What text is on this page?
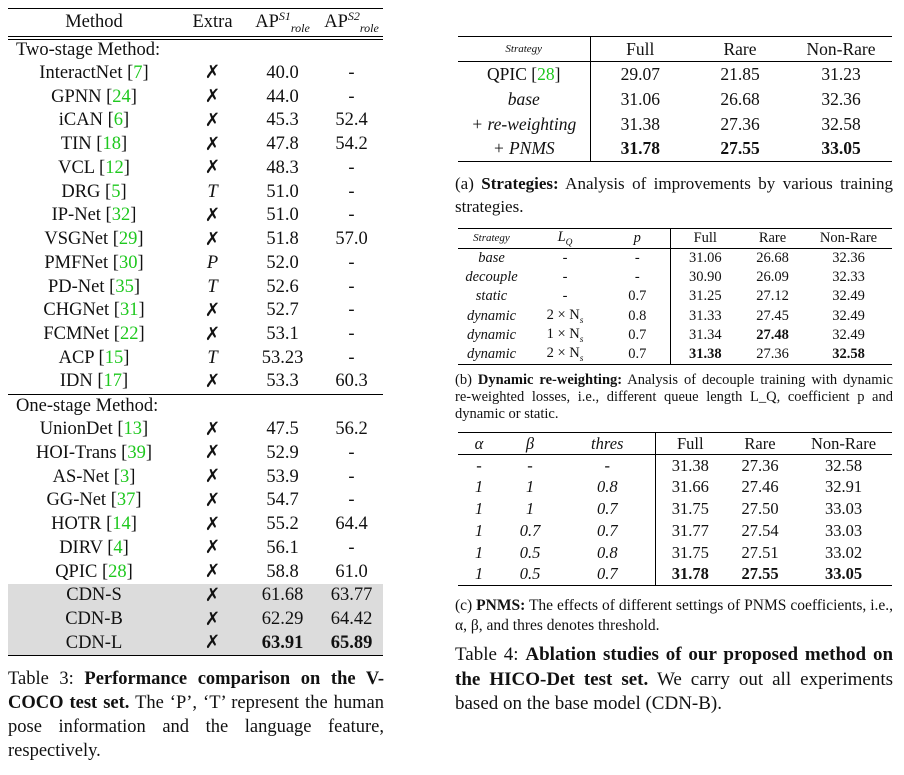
Method	Extra	$AP^{S1}_{role}$	$AP^{S2}_{role}$
Two-stage Method:			
InteractNet [7]	✗	40.0	-
GPNN [24]	✗	44.0	-
iCAN [6]	✗	45.3	52.4
TIN [18]	✗	47.8	54.2
VCL [12]	✗	48.3	-
DRG [5]	T	51.0	-
IP-Net [32]	✗	51.0	-
VSGNet [29]	✗	51.8	57.0
PMFNet [30]	P	52.0	-
PD-Net [35]	T	52.6	-
CHGNet [31]	✗	52.7	-
FCMNet [22]	✗	53.1	-
ACP [15]	T	53.23	-
IDN [17]	✗	53.3	60.3
One-stage Method:			
UnionDet [13]	✗	47.5	56.2
HOI-Trans [39]	✗	52.9	-
AS-Net [3]	✗	53.9	-
GG-Net [37]	✗	54.7	-
HOTR [14]	✗	55.2	64.4
DIRV [4]	✗	56.1	-
QPIC [28]	✗	58.8	61.0
CDN-S	✗	61.68	63.77
CDN-B	✗	62.29	64.42
CDN-L	✗	63.91	65.89
Table 3: Performance comparison on the V-COCO test set. The ‘P’, ‘T’ represent the human pose information and the language feature, respectively.
Strategy	Full	Rare	Non-Rare
QPIC [28]	29.07	21.85	31.23
base	31.06	26.68	32.36
+ re-weighting	31.38	27.36	32.58
+ PNMS	31.78	27.55	33.05
(a) Strategies: Analysis of improvements by various training strategies.
Strategy	$L_Q$	p	Full	Rare	Non-Rare
base	-	-	31.06	26.68	32.36
decouple	-	-	30.90	26.09	32.33
static	-	0.7	31.25	27.12	32.49
dynamic	$2 \times N_s$	0.8	31.33	27.45	32.49
dynamic	$1 \times N_s$	0.7	31.34	27.48	32.49
dynamic	$2 \times N_s$	0.7	31.38	27.36	32.58
(b) Dynamic re-weighting: Analysis of decouple training with dynamic re-weighted losses, i.e., different queue length L_Q, coefficient p and dynamic or static.
α	β	thres	Full	Rare	Non-Rare
-	-	-	31.38	27.36	32.58
1	1	0.8	31.66	27.46	32.91
1	1	0.7	31.75	27.50	33.03
1	0.7	0.7	31.77	27.54	33.03
1	0.5	0.8	31.75	27.51	33.02
1	0.5	0.7	31.78	27.55	33.05
(c) PNMS: The effects of different settings of PNMS coefficients, i.e., α, β, and thres denotes threshold.
Table 4: Ablation studies of our proposed method on the HICO-Det test set. We carry out all experiments based on the base model (CDN-B).
